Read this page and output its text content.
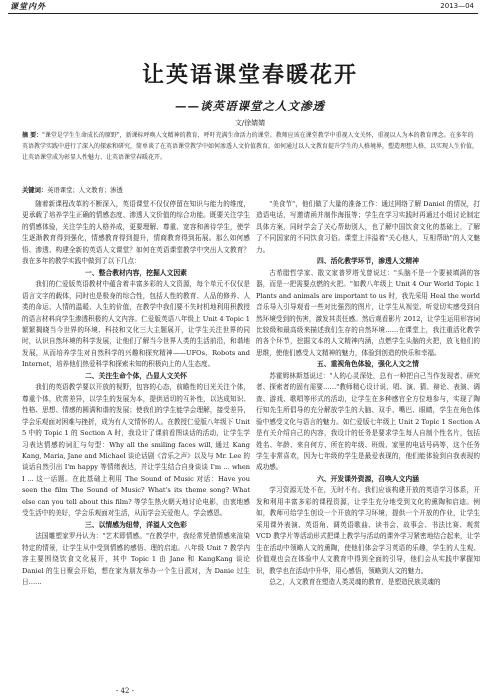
课堂内外	2013—04
让英语课堂春暖花开
——谈英语课堂之人文渗透
文/徐婧婧
摘 要："课堂是学生生命成长的原野"，新课标呼唤人文精神的教育，呼吁充满生命活力的课堂。教师应该在课堂教学中重视人文关怀，重视以人为本的教育理念。在多年的英语教学实践中进行了深入的探索和研究，简单谈了在英语课堂教学中如何渗透人文价值教育，如何通过以人文教育提升学生的人格境界，塑造理想人格，以实现人生价值，让英语课堂成为彰显人性魅力、让英语课堂春暖花开。
关键词：英语课堂；人文教育；渗透

随着新课程改革的不断深入，英语课堂不仅仅停留在知识与能力的维度，更承载了培养学生正确的情感态度、渗透人文价值的综合功能。既要关注学生的情感体验，关注学生的人格养成，更要理解、尊重、宽容和善待学生，使学生逐渐教育得到强化，情感教育得到提升，情商教育得到拓展。那么如何感悟、渗透、构建全新的英语人文课堂？如何在英语课堂教学中突出人文教育？我在多年的教学实践中做到了以下几点：

一、整合教材内容，挖掘人文因素

我们的仁爱版英语教材中蕴含着丰富多彩的人文资源，每个单元不仅仅是语言文字的载体，同时也是极身的综合性，包括人性的教育、人品的修养、人类的命运、人情的温暖、人生的价值，在教学中我们要不失时机地利用积教授的语言材料向学生渗透积极的人文内容。仁爱版英语八年级上 Unit 4 Topic 1 繁繁揭晓当今世界的环境、科技和文化三大主题展开，让学生关注世界的同时，认识自然环境的科学发展，让他们了解当今世界人类的生活前沿，和谐地发展，从而培养学生对自然科学的兴趣和探究精神——UFOs、Robots and Internet，培养他们热爱科学和探索未知的积极向上的人生态度。

二、关注生命个体，凸显人文关怀

我们的英语教学要以开放的视野，包容的心态，前瞻性的目光关注个体，尊重个体，欣赏差异，以学生的发展为本，提供适切的互补性，以达成知识、性格、思想、情感的圆满和谐的发展；使我们的学生能学会理解，接受差异，学会乐观面对困难与挫折，成为有人文情怀的人。在教授仁爱版八年级下 Unit 5 中的 Topic 1 的 Section A 时，我设计了课前看图谈话的活动，让学生学习表达情感的词汇与句型：Why all the smiling faces will, 通过 Kang Kang, Maria, Jane and Michael 谈论话剧《音乐之声》以及与 Mr. Lee 的谈话自然引出 I'm happy 等情绪表达，并让学生结合自身谈谈 I'm ... when I ... 这一话题。在此基础上利用 The Sound of Music 对话：Have you seen the film The Sound of Music? What's its theme song? What else can you tell about this film? 等学生热火朝天地讨论电影，由衷地感受生活中的美好，学会乐观面对生活，从而学会关爱他人，学会感恩。

三、以情感为纽带，洋溢人文色彩

法国雕塑家罗丹认为："艺术即情感。"在教学中，我经常凭借情感来渲染特定的情景，让学生从中受到情感的感悟、理的启迪。八年级 Unit 7 教学内容主要围绕饮食文化展开，其中 Topic 1 由 Jane 和 KangKang 谈论 Daniel 的生日聚会开始，想在家为朋友举办一个生日派对，为 Danie 过生日……

"美食节"，他们做了大量的准备工作：通过网络了解 Daniel 的情况，打造语电话，写邀请函并制作海报等；学生在学习实践时再通过小组讨论制定具体方案，同时学会了关心帮助别人，也了解中国饮食文化的基础上，了解了不同国家的不同饮食习俗。课堂上洋溢着"关心他人，互相帮助"的人文魅力。

四、活化教学环节，渗透人文精神

古希腊哲学家、散文家普罗塔戈曾说过："头脑不是一个要被填满的容器，而是一把需要点燃的火把。"如教八年级上 Unit 4 Our World Topic 1 Plants and animals are important to us 时，我先采用 Heal the world 音乐导入引导观看一些对比强烈的图片，让学生从视觉、听觉切实感受到自然环境受到的伤害，激发其责任感。然后观看影片 2012，让学生运用形容词比较级和最高级来描述我们生存的自然环境……在课堂上，我注重活化教学的各个环节，挖掘文本的人文精神内涵，点燃学生头脑的火把，放飞他们的思维，使他们感受人文精神的魅力，体验到创造的快乐和幸福。

五、重视角色体验，强化人文之情

苏霍姆林斯基说过："人的心灵深处，总有一种把自己当作发现者、研究者、探索者的固有需要……"教师精心设计说、唱、演、猜、辩论、表演、调查、游戏、歌唱等形式的活动，让学生在多种感官全方位地参与，实现了陶行知先生所倡导的充分解放学生的大脑、双手、嘴巴、眼睛，学生在角色体验中感受文化与语言的魅力。如仁爱版七年级上 Unit 2 Topic 1 Section A 是有关介绍自己的内容，我设计的任务是要求学生每人自制个性名片，包括姓名、年龄、来自何方、所在的年级、班级、家里的电话号码等，这个任务学生非常喜欢，因为七年级的学生是最爱表现的，他们能体验到自我表现的成功感。

六、开发课外资源，召唤人文内涵

学习资源无处不在，无时不有。我们应该构建开放的英语学习体系，开发和利用丰富多彩的课程资源，让学生充分地受到文化的熏陶和启迪。例如，教师可给学生创设一个开放的学习环境，提供一个开放的作业，让学生采用课外表演、英语角、调英语歌曲、读书会、故事会、书法比赛、观赏 VCD 教学片等活动形式把课上教学与活动的课外学习紧密地结合起来，让学生在活动中领略人文的熏陶，使他们体会学习英语的乐趣，学生的人生观、价值观也会在体验中人文教育中得到全面的引导，他们会从实践中掌握知识，教学也在活动中升华，用心感悟，领略到人文的魅力。

总之，人文教育在塑造人类灵魂的教育，是塑造民族灵魂的

- 42 -
